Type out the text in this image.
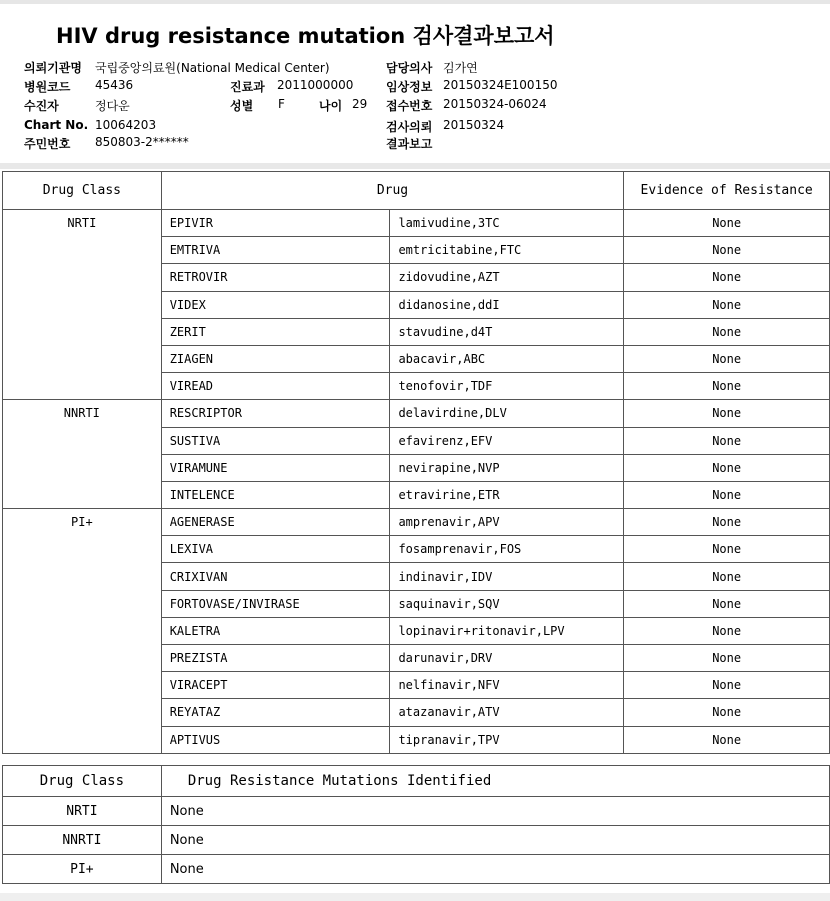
HIV drug resistance mutation 검사결과보고서
의뢰기관명 국립중앙의료원(National Medical Center)	담당의사 김가연
병원코드 45436	진료과 2011000000	임상정보 20150324E100150
수진자	정다운	성별 F	나이 29 접수번호 20150324-06024
Chart No. 10064203	검사의뢰 20150324
주민번호 850803-2******	결과보고
Drug Class	Drug		Evidence of Resistance
NRTI	EPIVIR	lamivudine,3TC	None
	EMTRIVA	emtricitabine,FTC	None
	RETROVIR	zidovudine,AZT	None
	VIDEX	didanosine,ddI	None
	ZERIT	stavudine,d4T	None
	ZIAGEN	abacavir,ABC	None
	VIREAD	tenofovir,TDF	None
NNRTI	RESCRIPTOR	delavirdine,DLV	None
	SUSTIVA	efavirenz,EFV	None
	VIRAMUNE	nevirapine,NVP	None
	INTELENCE	etravirine,ETR	None
PI+	AGENERASE	amprenavir,APV	None
	LEXIVA	fosamprenavir,FOS	None
	CRIXIVAN	indinavir,IDV	None
	FORTOVASE/INVIRASE	saquinavir,SQV	None
	KALETRA	lopinavir+ritonavir,LPV	None
	PREZISTA	darunavir,DRV	None
	VIRACEPT	nelfinavir,NFV	None
	REYATAZ	atazanavir,ATV	None
	APTIVUS	tipranavir,TPV	None
Drug Class	Drug Resistance Mutations Identified
NRTI	None
NNRTI	None
PI+	None
